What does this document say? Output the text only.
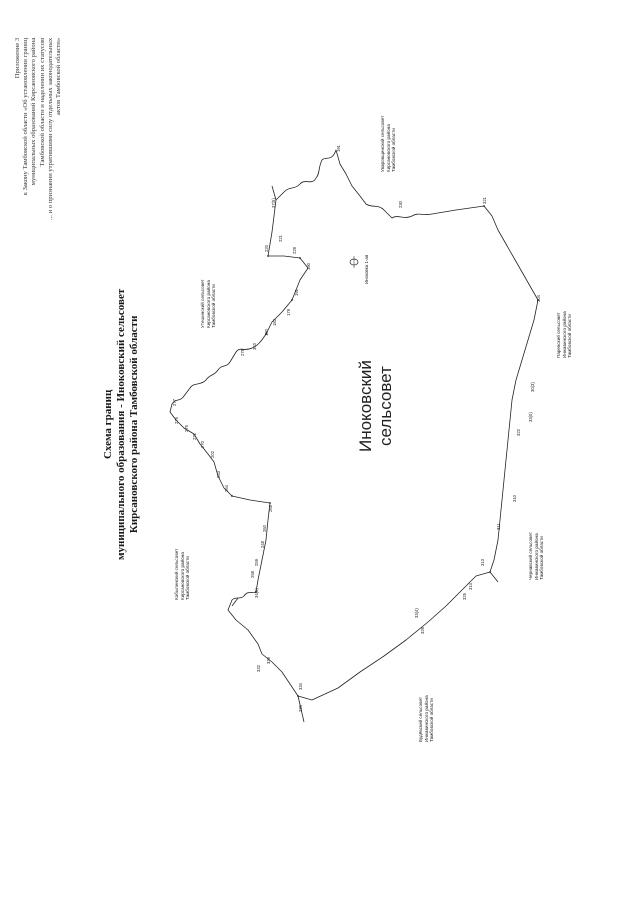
191
37(5)
221
220	229
190
191
179
183
180
340
278
277
276
275
271
270
202
263
264
265
260
248
259
258
34(6)
339
332
336
334
33(4)
326
325
314
313
311
310
322
33(0)
30(3)
304
321
230
Приложение 3 к Закону Тамбовской области «Об установлении границ муниципальных образований Кирсановского района Тамбовской области и наделении их статусом ... и о признании утратившими силу отдельных законодательных актов Тамбовской области»
Схема границ муниципального образования - Иноковский сельсовет Кирсановского района Тамбовской области	Иноковский сельсовет
Иноковка 1-ая
Уваровщинский сельсовет Кирсановского района Тамбовской области
Утешинский сельсовет Кирсановского района Тамбовской области
Кобылинский сельсовет Кирсановского района Тамбовской области
Будёвский сельсовет Инжавинского района Тамбовской области
Чернавский сельсовет Инжавинского района Тамбовской области
Паревский сельсовет Инжавинского района Тамбовской области
